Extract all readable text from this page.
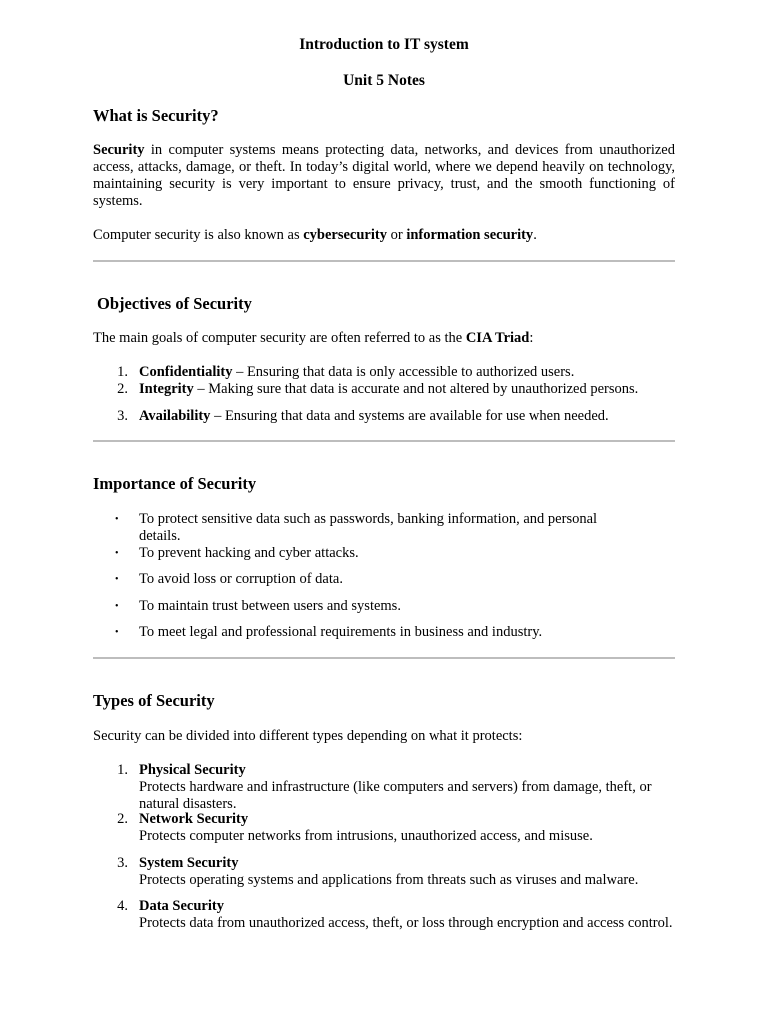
Introduction to IT system
Unit 5 Notes
What is Security?

Security in computer systems means protecting data, networks, and devices from unauthorized access, attacks, damage, or theft. In today’s digital world, where we depend heavily on technology, maintaining security is very important to ensure privacy, trust, and the smooth functioning of systems.

Computer security is also known as cybersecurity or information security.

Objectives of Security

The main goals of computer security are often referred to as the CIA Triad:

1. Confidentiality – Ensuring that data is only accessible to authorized users.
2. Integrity – Making sure that data is accurate and not altered by unauthorized persons.
3. Availability – Ensuring that data and systems are available for use when needed.
Importance of Security
• To protect sensitive data such as passwords, banking information, and personal details.
• To prevent hacking and cyber attacks.
• To avoid loss or corruption of data.
• To maintain trust between users and systems.
• To meet legal and professional requirements in business and industry.
Types of Security

Security can be divided into different types depending on what it protects:

1. Physical Security
Protects hardware and infrastructure (like computers and servers) from damage, theft, or natural disasters.
2. Network Security
Protects computer networks from intrusions, unauthorized access, and misuse.
3. System Security
Protects operating systems and applications from threats such as viruses and malware.
4. Data Security
Protects data from unauthorized access, theft, or loss through encryption and access control.
